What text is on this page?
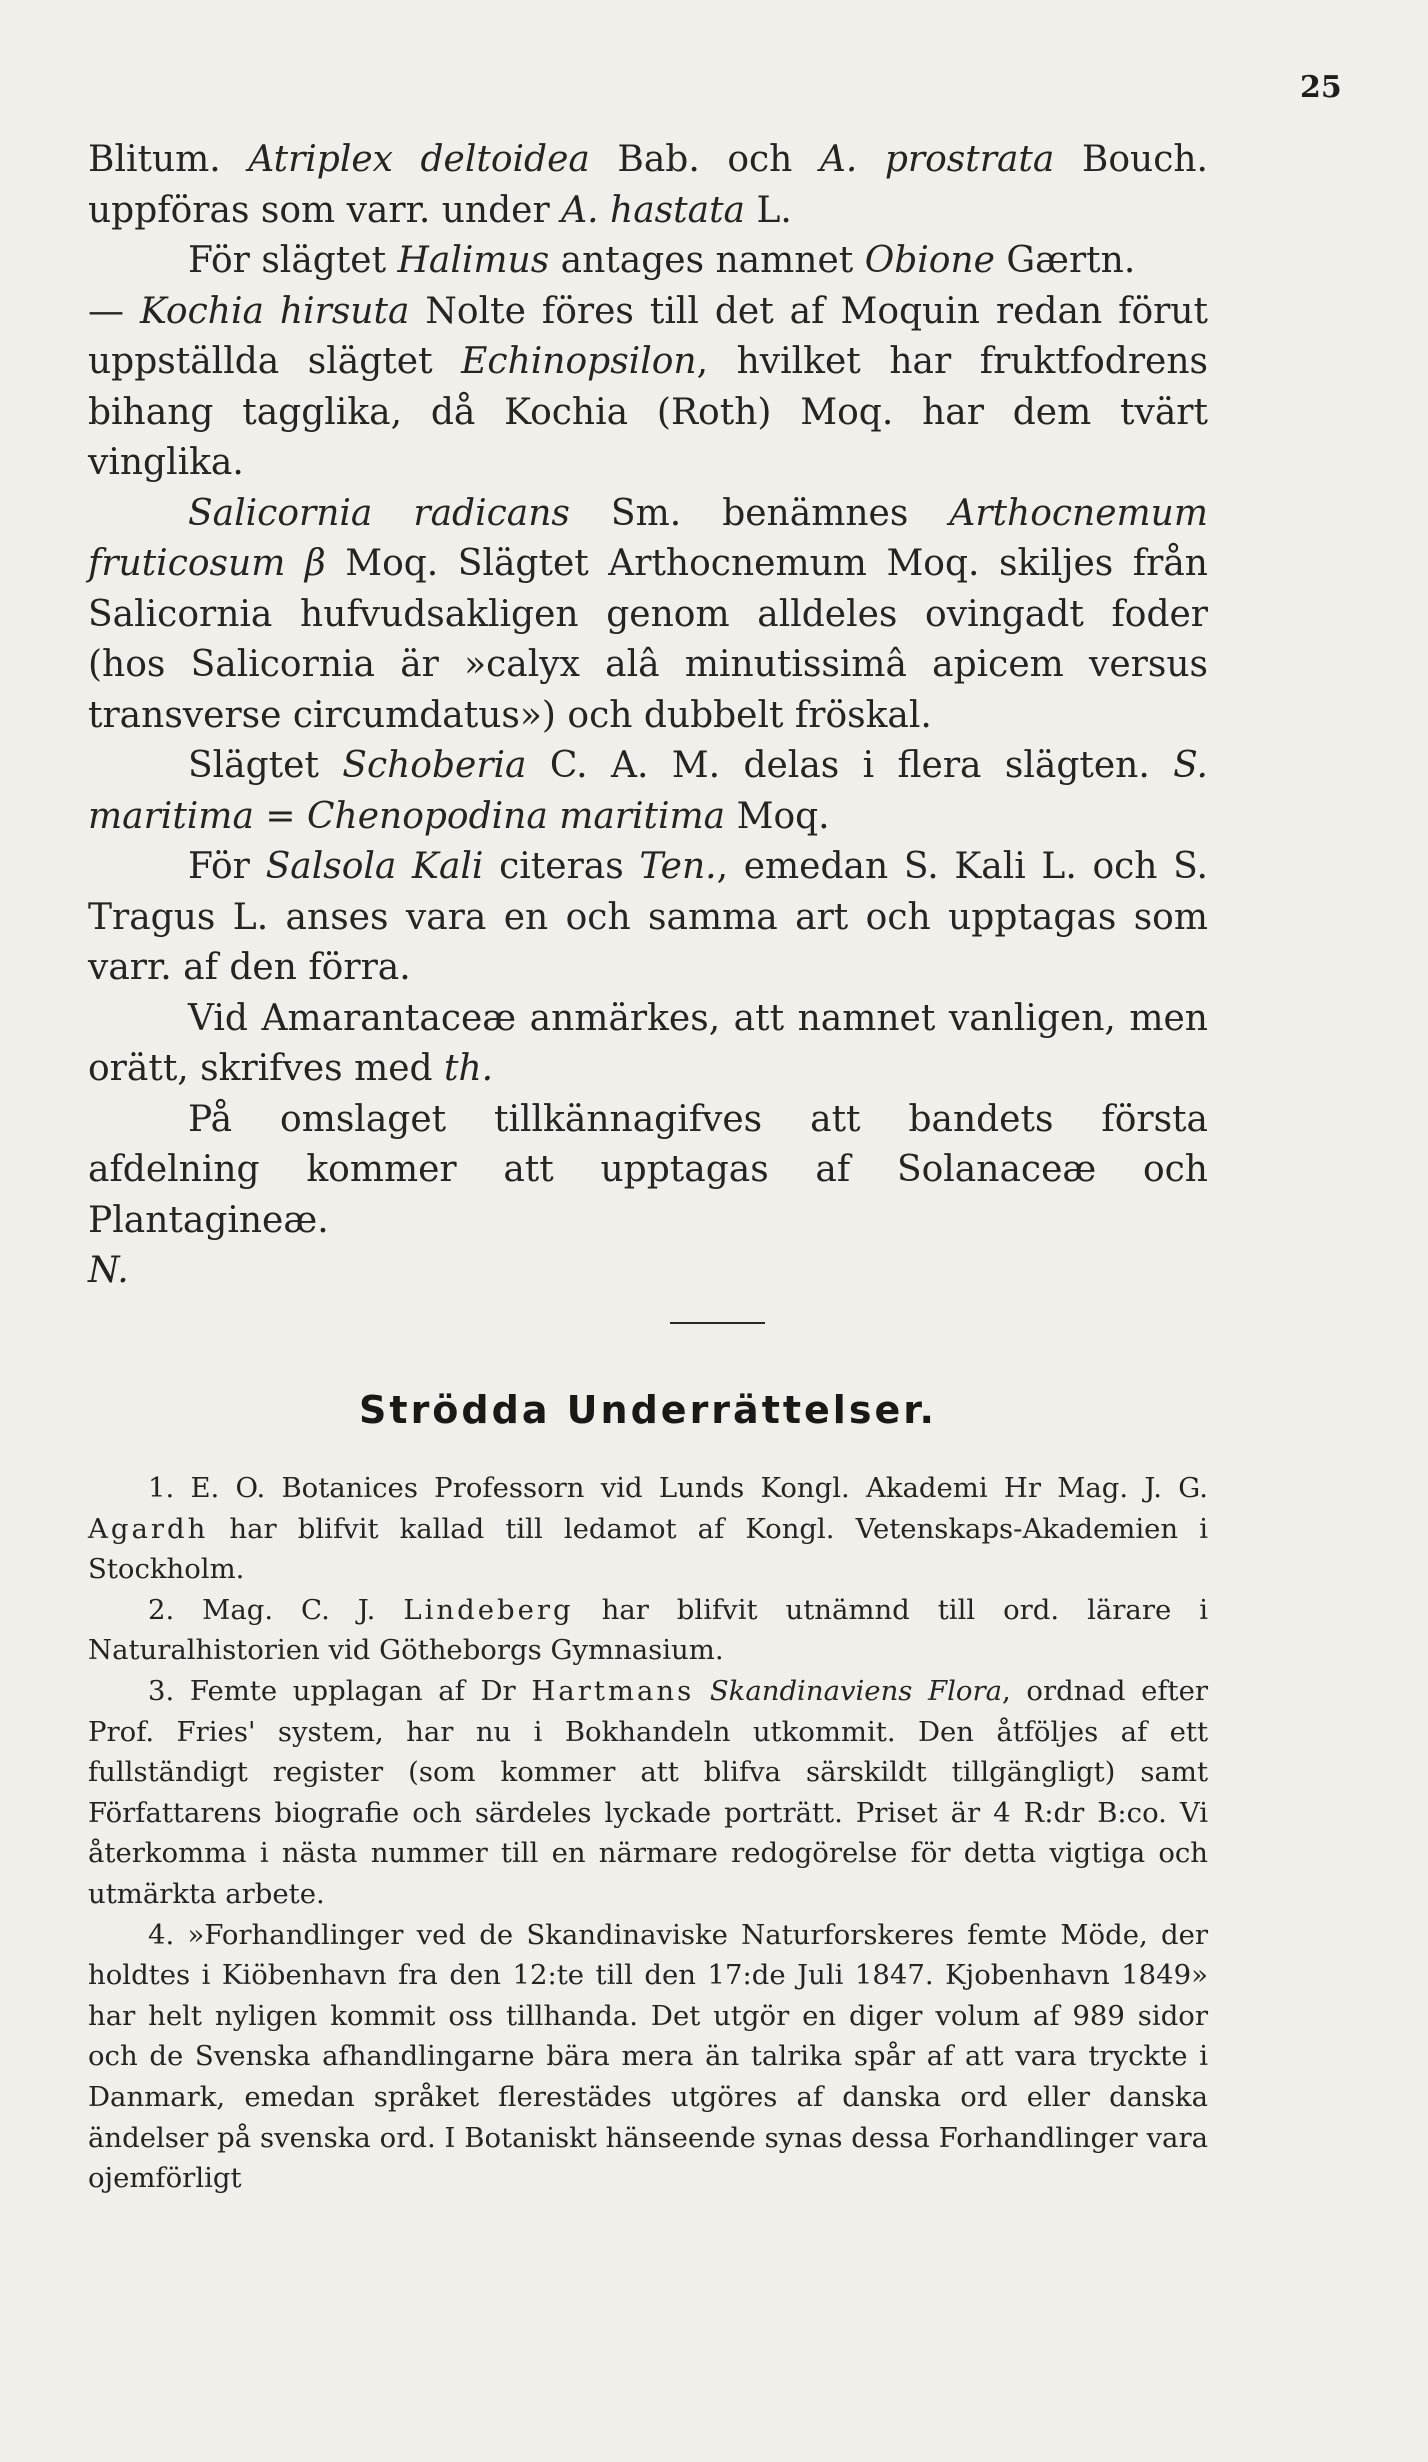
25

Blitum. Atriplex deltoidea Bab. och A. prostrata Bouch. uppföras som varr. under A. hastata L.

För slägtet Halimus antages namnet Obione Gærtn.

— Kochia hirsuta Nolte föres till det af Moquin redan förut uppställda slägtet Echinopsilon, hvilket har fruktfodrens bihang tagglika, då Kochia (Roth) Moq. har dem tvärt vinglika.

Salicornia radicans Sm. benämnes Arthocnemum fruticosum β Moq. Slägtet Arthocnemum Moq. skiljes från Salicornia hufvudsakligen genom alldeles ovingadt foder (hos Salicornia är »calyx alâ minutissimâ apicem versus transverse circumdatus») och dubbelt fröskal.

Slägtet Schoberia C. A. M. delas i flera slägten. S. maritima = Chenopodina maritima Moq.

För Salsola Kali citeras Ten., emedan S. Kali L. och S. Tragus L. anses vara en och samma art och upptagas som varr. af den förra.

Vid Amarantaceæ anmärkes, att namnet vanligen, men orätt, skrifves med th.

På omslaget tillkännagifves att bandets första afdelning kommer att upptagas af Solanaceæ och Plantagineæ.

N.

Strödda Underrättelser.

1. E. O. Botanices Professorn vid Lunds Kongl. Akademi Hr Mag. J. G. Agardh har blifvit kallad till ledamot af Kongl. Vetenskaps-Akademien i Stockholm.

2. Mag. C. J. Lindeberg har blifvit utnämnd till ord. lärare i Naturalhistorien vid Götheborgs Gymnasium.

3. Femte upplagan af Dr Hartmans Skandinaviens Flora, ordnad efter Prof. Fries' system, har nu i Bokhandeln utkommit. Den åtföljes af ett fullständigt register (som kommer att blifva särskildt tillgängligt) samt Författarens biografie och särdeles lyckade porträtt. Priset är 4 R:dr B:co. Vi återkomma i nästa nummer till en närmare redogörelse för detta vigtiga och utmärkta arbete.

4. »Forhandlinger ved de Skandinaviske Naturforskeres femte Möde, der holdtes i Kiöbenhavn fra den 12:te till den 17:de Juli 1847. Kjobenhavn 1849» har helt nyligen kommit oss tillhanda. Det utgör en diger volum af 989 sidor och de Svenska afhandlingarne bära mera än talrika spår af att vara tryckte i Danmark, emedan språket flerestädes utgöres af danska ord eller danska ändelser på svenska ord. I Botaniskt hänseende synas dessa Forhandlinger vara ojemförligt
